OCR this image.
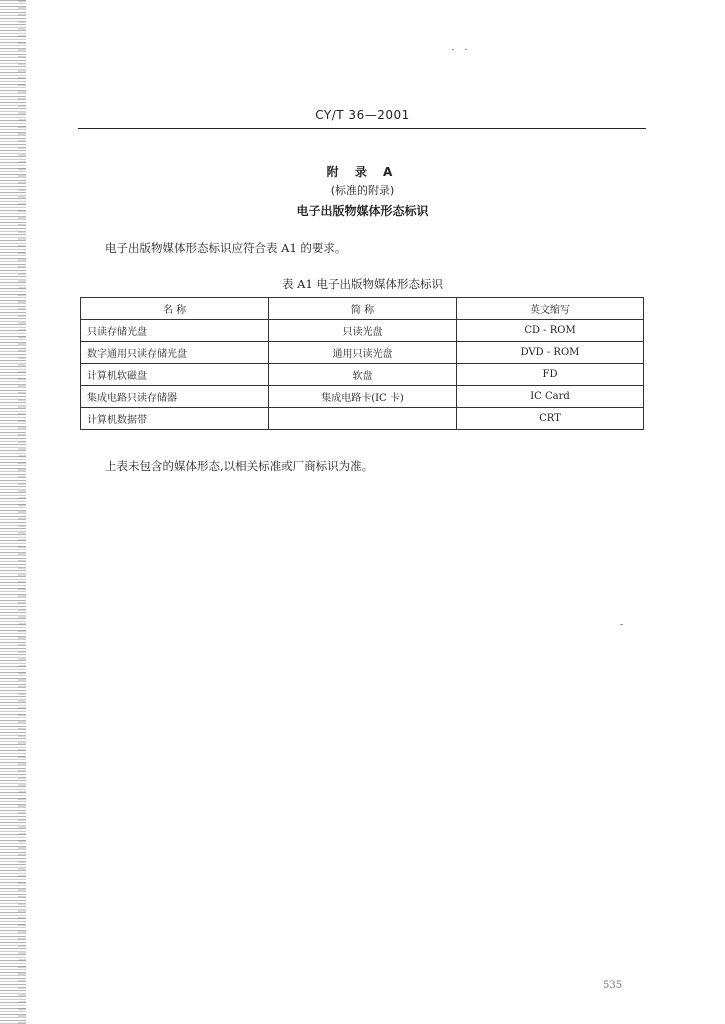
CY/T 36—2001
附 录 A
(标准的附录)
电子出版物媒体形态标识
电子出版物媒体形态标识应符合表 A1 的要求。
表 A1 电子出版物媒体形态标识
名 称	简 称	英文缩写
只读存储光盘	只读光盘	CD - ROM
数字通用只读存储光盘	通用只读光盘	DVD - ROM
计算机软磁盘	软盘	FD
集成电路只读存储器	集成电路卡(IC 卡)	IC Card
计算机数据带		CRT
上表未包含的媒体形态,以相关标准或厂商标识为准。
535
